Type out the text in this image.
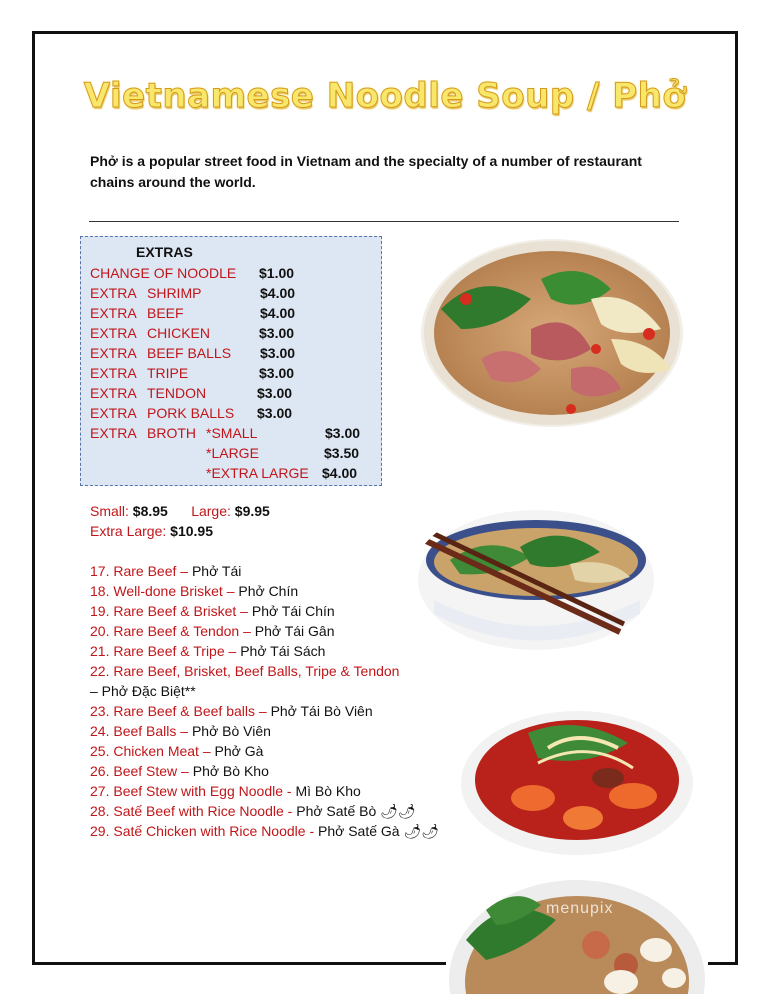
Vietnamese Noodle Soup / Phở
Phở is a popular street food in Vietnam and the specialty of a number of restaurant chains around the world.
EXTRAS
CHANGE OF NOODLE $1.00
EXTRA SHRIMP	$4.00
EXTRA BEEF	$4.00
EXTRA CHICKEN	$3.00
EXTRA BEEF BALLS $3.00
EXTRA TRIPE	$3.00
EXTRA TENDON	$3.00
EXTRA PORK BALLS $3.00
EXTRA BROTH *SMALL	$3.00
*LARGE	$3.50
*EXTRA LARGE $4.00
Small: $8.95 Large: $9.95
Extra Large: $10.95
17. Rare Beef – Phở Tái
18. Well-done Brisket – Phở Chín
19. Rare Beef & Brisket – Phở Tái Chín
20. Rare Beef & Tendon – Phở Tái Gân
21. Rare Beef & Tripe – Phở Tái Sách
22. Rare Beef, Brisket, Beef Balls, Tripe & Tendon
– Phở Đặc Biệt**
23. Rare Beef & Beef balls – Phở Tái Bò Viên
24. Beef Balls – Phở Bò Viên
25. Chicken Meat – Phở Gà
26. Beef Stew – Phở Bò Kho
27. Beef Stew with Egg Noodle - Mì Bò Kho
28. Satế Beef with Rice Noodle - Phở Satế Bò 🌶🌶
29. Satế Chicken with Rice Noodle - Phở Satế Gà 🌶🌶
menupix
